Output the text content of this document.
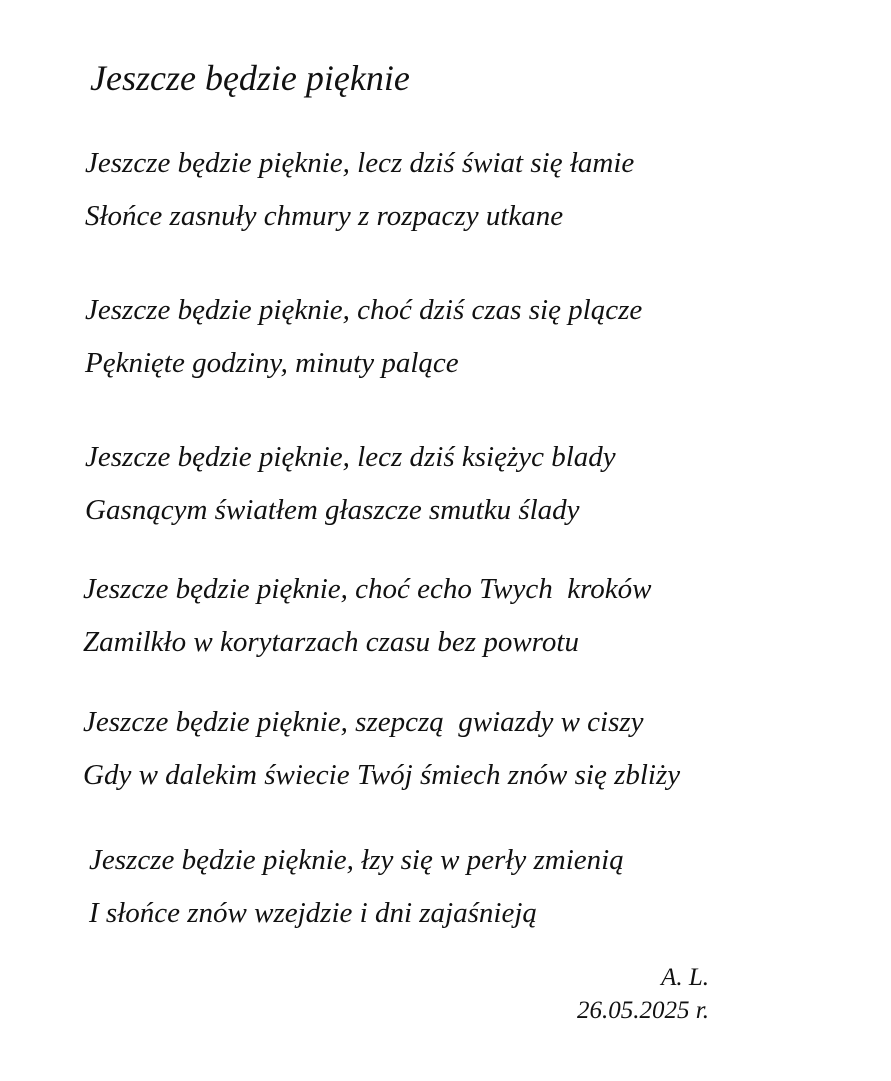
Jeszcze będzie pięknie
Jeszcze będzie pięknie, lecz dziś świat się łamie
Słońce zasnuły chmury z rozpaczy utkane
Jeszcze będzie pięknie, choć dziś czas się plącze
Pęknięte godziny, minuty palące
Jeszcze będzie pięknie, lecz dziś księżyc blady
Gasnącym światłem głaszcze smutku ślady
Jeszcze będzie pięknie, choć echo Twych  kroków
Zamilkło w korytarzach czasu bez powrotu
Jeszcze będzie pięknie, szepczą  gwiazdy w ciszy
Gdy w dalekim świecie Twój śmiech znów się zbliży
Jeszcze będzie pięknie, łzy się w perły zmienią
I słońce znów wzejdzie i dni zajaśnieją
A. L.
26.05.2025 r.
